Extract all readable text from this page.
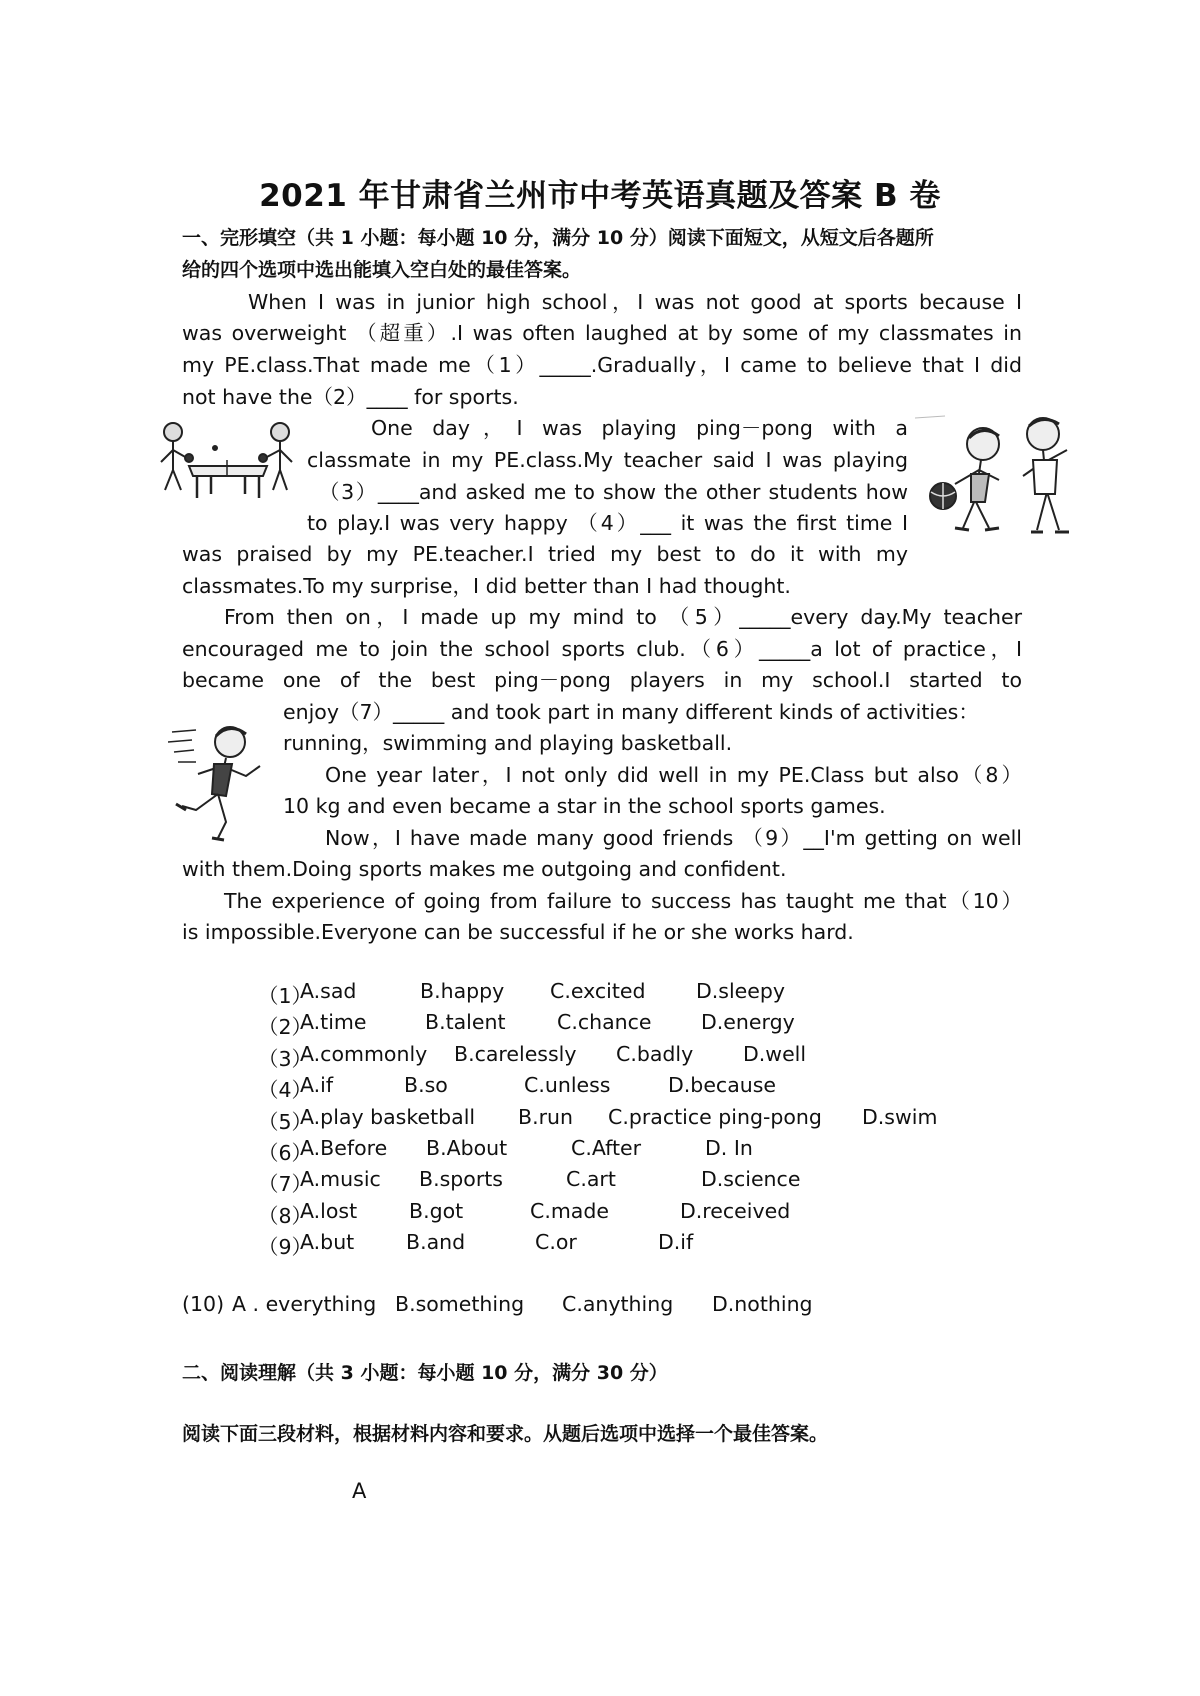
2021 年甘肃省兰州市中考英语真题及答案 B 卷

一、完形填空（共 1 小题：每小题 10 分，满分 10 分）阅读下面短文，从短文后各题所

给的四个选项中选出能填入空白处的最佳答案。

When I was in junior high school，I was not good at sports because I

was overweight （超重）.I was often laughed at by some of my classmates in

my PE.class.That made me（1）_____.Gradually，I came to believe that I did

not have the（2）____ for sports.

One day，I was playing ping－pong with a

classmate in my PE.class.My teacher said I was playing

（3）____and asked me to show the other students how

to play.I was very happy （4）___ it was the first time I

was praised by my PE.teacher.I tried my best to do it with my

classmates.To my surprise，I did better than I had thought.

From then on，I made up my mind to （5）_____every day.My teacher

encouraged me to join the school sports club.（6）_____a lot of practice，I

became one of the best ping－pong players in my school.I started to

enjoy（7）_____ and took part in many different kinds of activities：

running，swimming and playing basketball.

One year later，I not only did well in my PE.Class but also（8）

10 kg and even became a star in the school sports games.

Now，I have made many good friends （9）__I'm getting on well

with them.Doing sports makes me outgoing and confident.

The experience of going from failure to success has taught me that（10）

is impossible.Everyone can be successful if he or she works hard.

（1）
A.sad	B.happy C.excited D.sleepy
（2）
A.time	B.talent	C.chance D.energy
（3）
A.commonly B.carelessly C.badly D.well
（4）
A.if	B.so	C.unless	D.because
（5）
A.play basketball B.run C.practice ping-pong D.swim
（6）
A.Before B.About	C.After	D. In
（7）
A.music B.sports	C.art	D.science
（8）
A.lost	B.got	C.made	D.received
（9）
A.but	B.and	C.or	D.if
(10) A . everything B.something C.anything D.nothing

二、阅读理解（共 3 小题：每小题 10 分，满分 30 分）

阅读下面三段材料，根据材料内容和要求。从题后选项中选择一个最佳答案。

A
